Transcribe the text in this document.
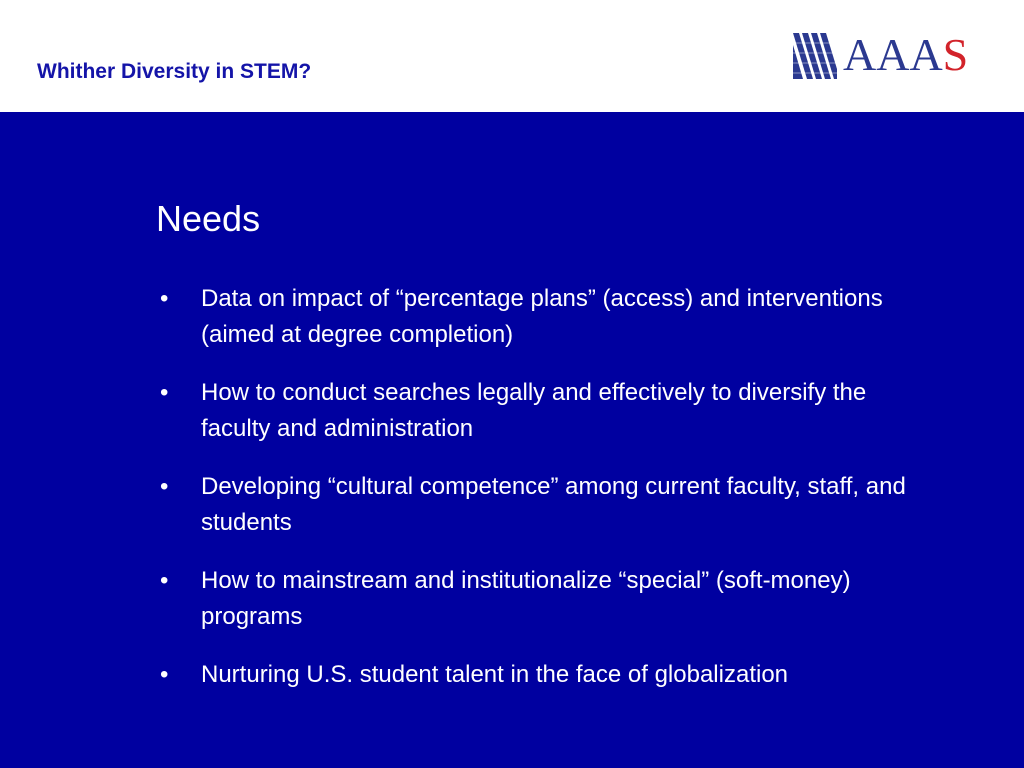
Whither Diversity in STEM?	AAAS
Needs
• Data on impact of “percentage plans” (access) and interventions (aimed at degree completion)
• How to conduct searches legally and effectively to diversify the faculty and administration
• Developing “cultural competence” among current faculty, staff, and students
• How to mainstream and institutionalize “special” (soft-money) programs
• Nurturing U.S. student talent in the face of globalization
